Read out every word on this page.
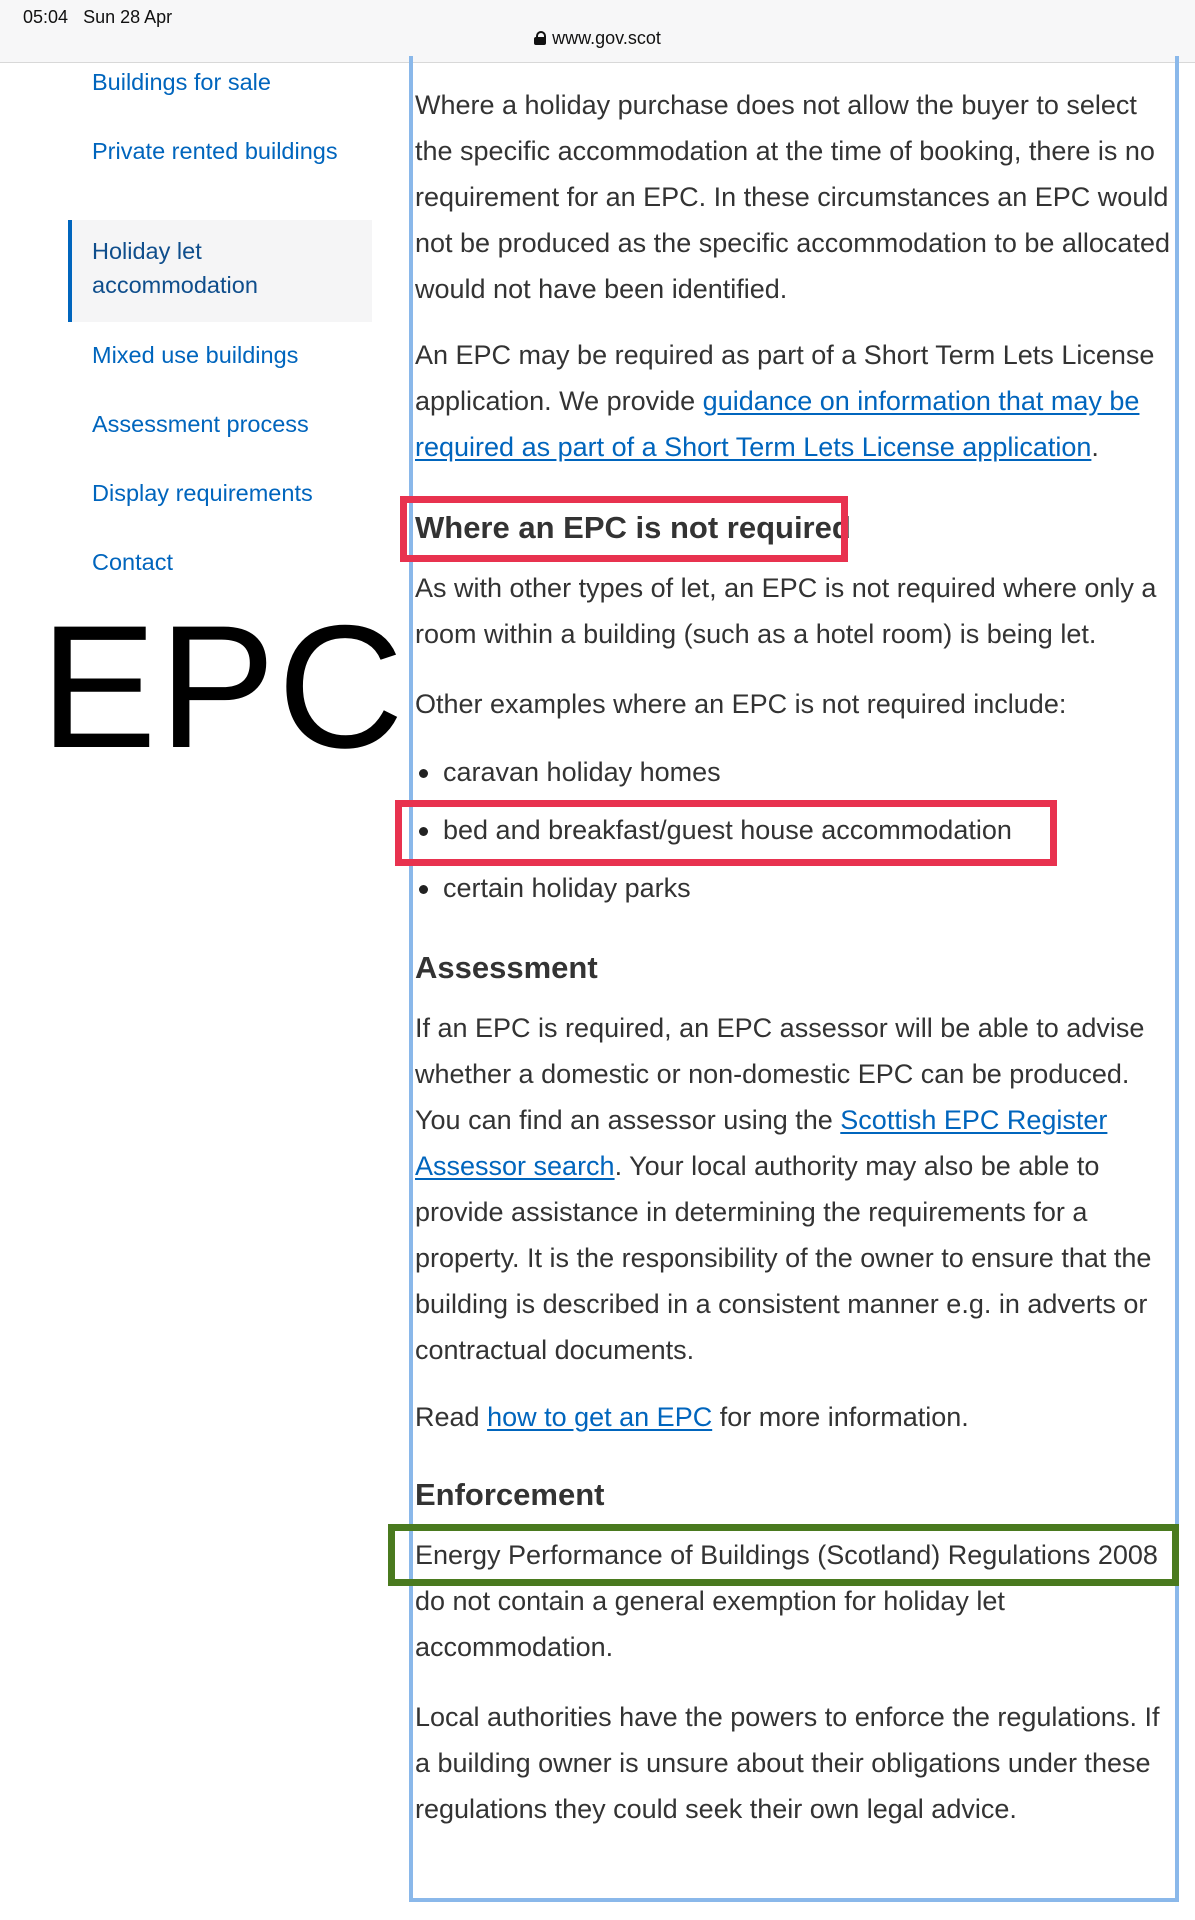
05:04 Sun 28 Apr
www.gov.scot
Buildings for sale
Private rented buildings
Holiday let accommodation
Mixed use buildings
Assessment process
Display requirements
Contact
EPC

Where a holiday purchase does not allow the buyer to select the specific accommodation at the time of booking, there is no requirement for an EPC. In these circumstances an EPC would not be produced as the specific accommodation to be allocated would not have been identified.

An EPC may be required as part of a Short Term Lets License application. We provide guidance on information that may be required as part of a Short Term Lets License application.

Where an EPC is not required

As with other types of let, an EPC is not required where only a room within a building (such as a hotel room) is being let.

Other examples where an EPC is not required include:

caravan holiday homes
bed and breakfast/guest house accommodation
certain holiday parks
Assessment

If an EPC is required, an EPC assessor will be able to advise whether a domestic or non-domestic EPC can be produced. You can find an assessor using the Scottish EPC Register Assessor search. Your local authority may also be able to provide assistance in determining the requirements for a property. It is the responsibility of the owner to ensure that the building is described in a consistent manner e.g. in adverts or contractual documents.

Read how to get an EPC for more information.

Enforcement

Energy Performance of Buildings (Scotland) Regulations 2008
do not contain a general exemption for holiday let accommodation.

Local authorities have the powers to enforce the regulations. If a building owner is unsure about their obligations under these regulations they could seek their own legal advice.
